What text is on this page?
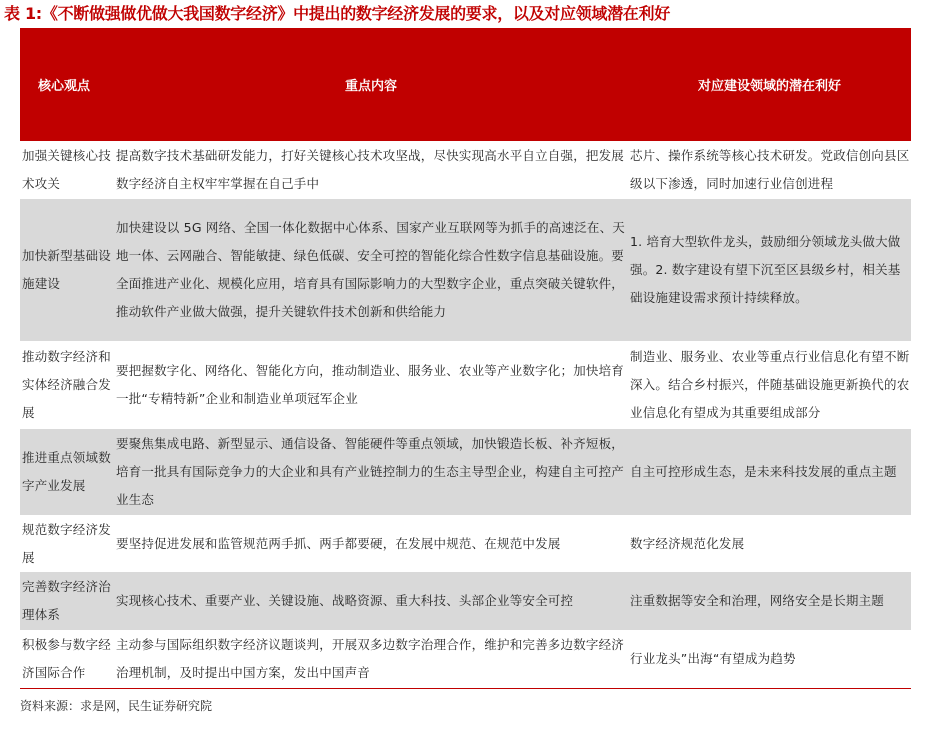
表 1:《不断做强做优做大我国数字经济》中提出的数字经济发展的要求，以及对应领域潜在利好
核心观点	重点内容	对应建设领域的潜在利好
加强关键核心技术攻关	提高数字技术基础研发能力，打好关键核心技术攻坚战，尽快实现高水平自立自强，把发展数字经济自主权牢牢掌握在自己手中	芯片、操作系统等核心技术研发。党政信创向县区级以下渗透，同时加速行业信创进程
加快新型基础设施建设	加快建设以 5G 网络、全国一体化数据中心体系、国家产业互联网等为抓手的高速泛在、天地一体、云网融合、智能敏捷、绿色低碳、安全可控的智能化综合性数字信息基础设施。要全面推进产业化、规模化应用，培育具有国际影响力的大型数字企业，重点突破关键软件，推动软件产业做大做强，提升关键软件技术创新和供给能力	1. 培育大型软件龙头，鼓励细分领域龙头做大做强。2. 数字建设有望下沉至区县级乡村，相关基础设施建设需求预计持续释放。
推动数字经济和实体经济融合发展	要把握数字化、网络化、智能化方向，推动制造业、服务业、农业等产业数字化；加快培育一批“专精特新”企业和制造业单项冠军企业	制造业、服务业、农业等重点行业信息化有望不断深入。结合乡村振兴，伴随基础设施更新换代的农业信息化有望成为其重要组成部分
推进重点领域数字产业发展	要聚焦集成电路、新型显示、通信设备、智能硬件等重点领域，加快锻造长板、补齐短板，培育一批具有国际竞争力的大企业和具有产业链控制力的生态主导型企业，构建自主可控产业生态	自主可控形成生态，是未来科技发展的重点主题
规范数字经济发展	要坚持促进发展和监管规范两手抓、两手都要硬，在发展中规范、在规范中发展	数字经济规范化发展
完善数字经济治理体系	实现核心技术、重要产业、关键设施、战略资源、重大科技、头部企业等安全可控	注重数据等安全和治理，网络安全是长期主题
积极参与数字经济国际合作	主动参与国际组织数字经济议题谈判，开展双多边数字治理合作，维护和完善多边数字经济治理机制，及时提出中国方案，发出中国声音	行业龙头”出海“有望成为趋势
资料来源：求是网，民生证券研究院
